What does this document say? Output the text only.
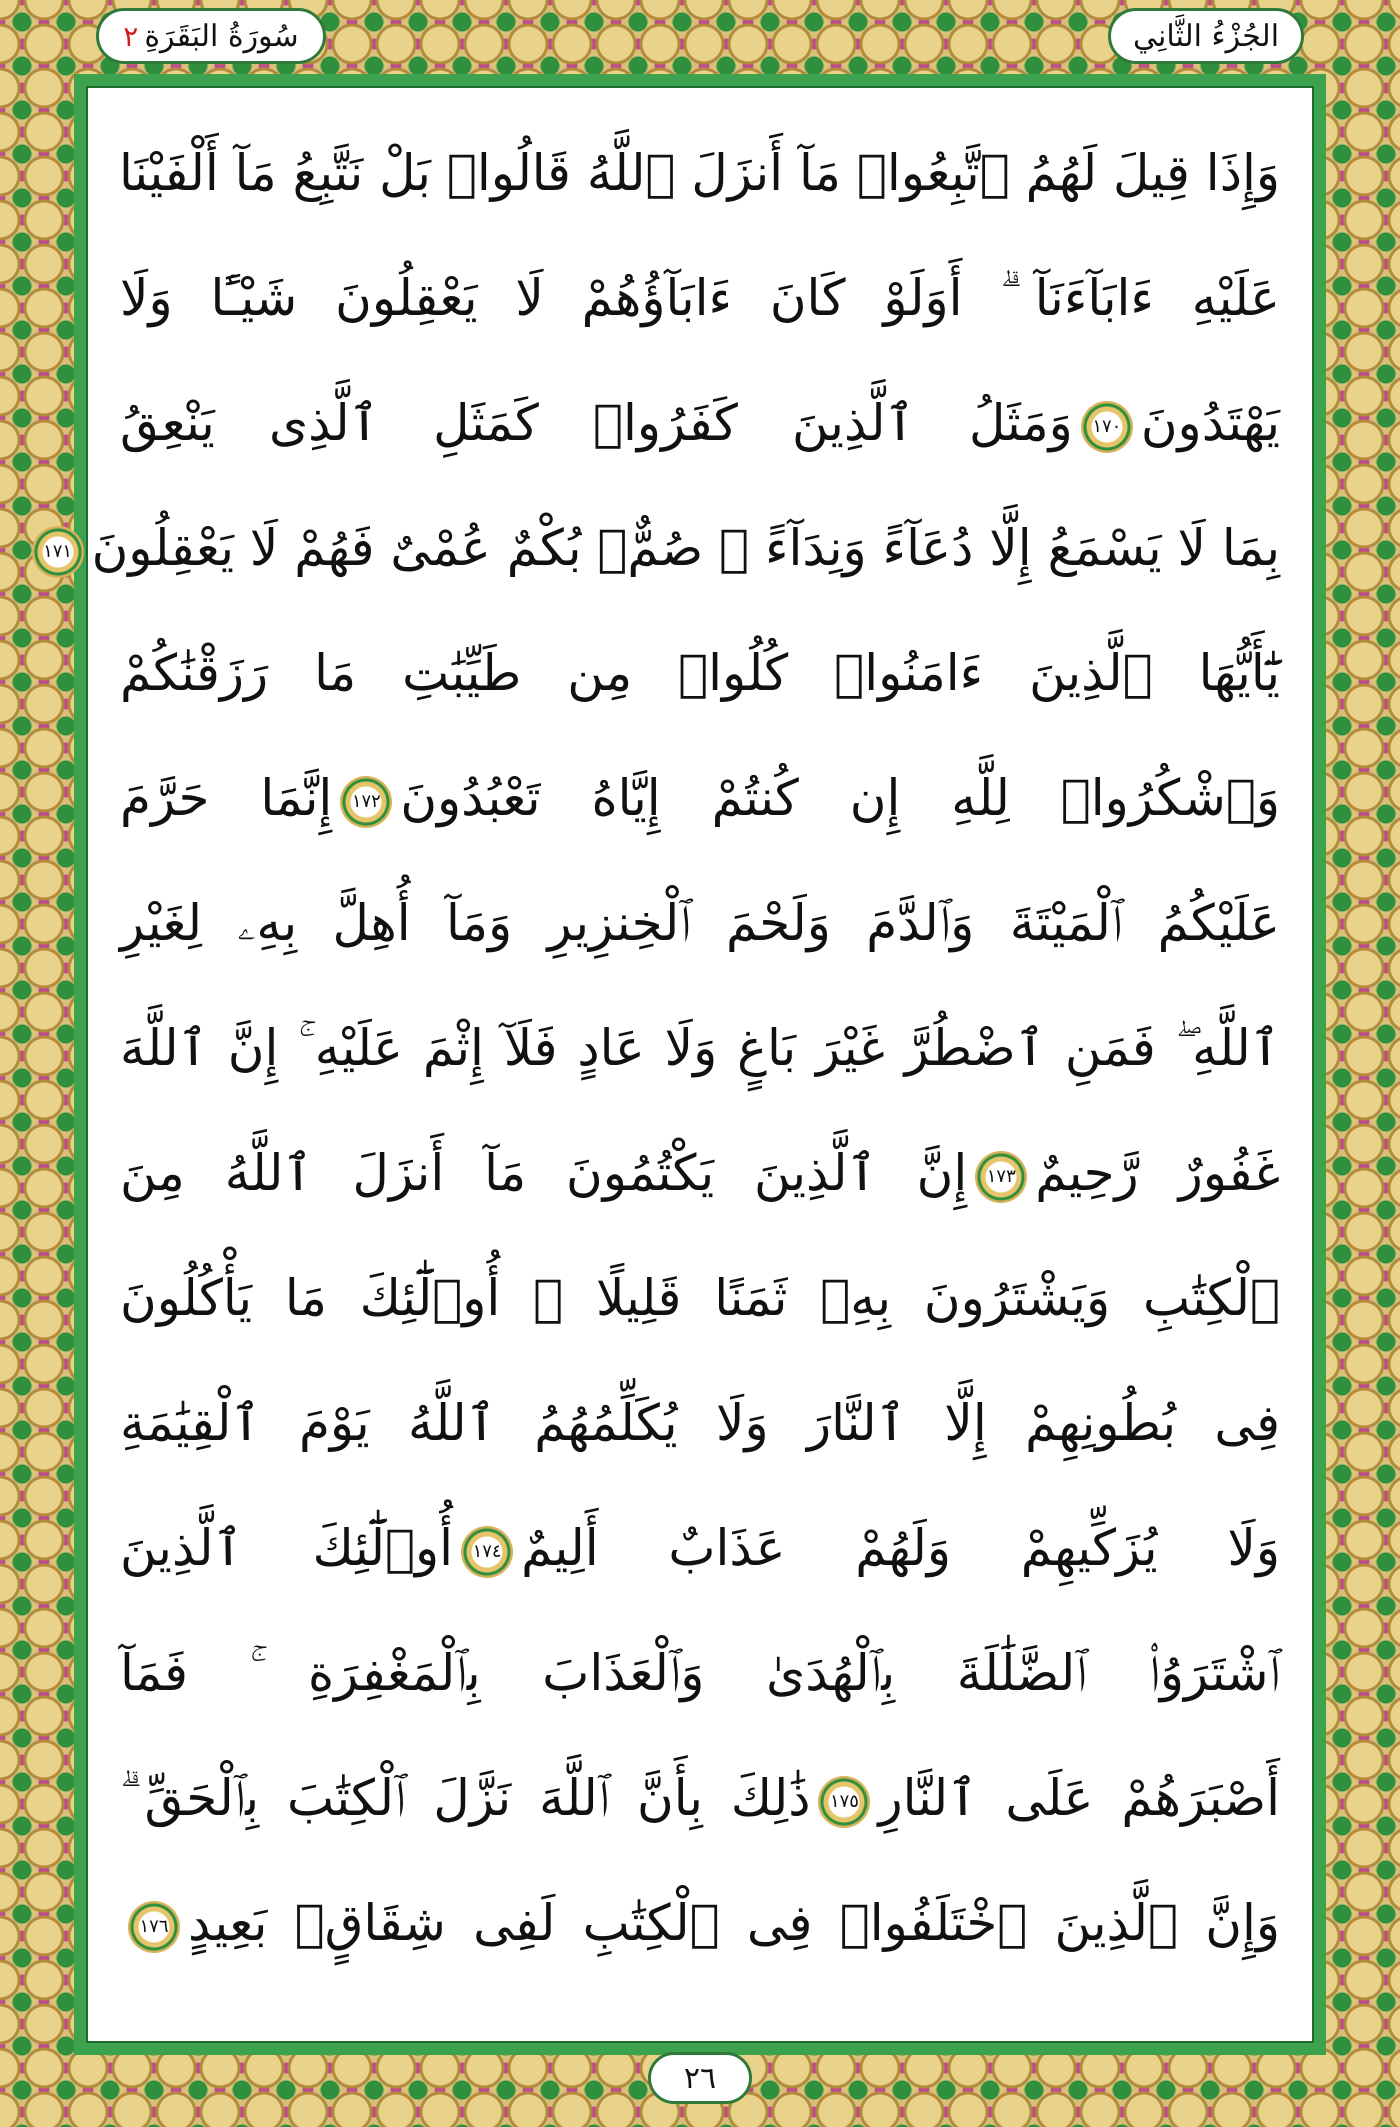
سُورَةُ البَقَرَةِ
٢	الجُزْءُ الثَّانِي
وَإِذَا قِيلَ لَهُمُ ٱتَّبِعُوا۟ مَآ أَنزَلَ ٱللَّهُ قَالُوا۟ بَلْ نَتَّبِعُ مَآ أَلْفَيْنَا
عَلَيْهِ ءَابَآءَنَآ ۗ أَوَلَوْ كَانَ ءَابَآؤُهُمْ لَا يَعْقِلُونَ شَيْـًٔا وَلَا
يَهْتَدُونَ١٧٠وَمَثَلُ ٱلَّذِينَ كَفَرُوا۟ كَمَثَلِ ٱلَّذِى يَنْعِقُ
بِمَا لَا يَسْمَعُ إِلَّا دُعَآءً وَنِدَآءً ۚ صُمٌّۢ بُكْمٌ عُمْىٌ فَهُمْ لَا يَعْقِلُونَ١٧١
يَٰٓأَيُّهَا ٱلَّذِينَ ءَامَنُوا۟ كُلُوا۟ مِن طَيِّبَٰتِ مَا رَزَقْنَٰكُمْ
وَٱشْكُرُوا۟ لِلَّهِ إِن كُنتُمْ إِيَّاهُ تَعْبُدُونَ١٧٢إِنَّمَا حَرَّمَ
عَلَيْكُمُ ٱلْمَيْتَةَ وَٱلدَّمَ وَلَحْمَ ٱلْخِنزِيرِ وَمَآ أُهِلَّ بِهِۦ لِغَيْرِ
ٱللَّهِ ۖ فَمَنِ ٱضْطُرَّ غَيْرَ بَاغٍ وَلَا عَادٍ فَلَآ إِثْمَ عَلَيْهِ ۚ إِنَّ ٱللَّهَ
غَفُورٌ رَّحِيمٌ١٧٣إِنَّ ٱلَّذِينَ يَكْتُمُونَ مَآ أَنزَلَ ٱللَّهُ مِنَ
ٱلْكِتَٰبِ وَيَشْتَرُونَ بِهِۦ ثَمَنًا قَلِيلًا ۙ أُو۟لَٰٓئِكَ مَا يَأْكُلُونَ
فِى بُطُونِهِمْ إِلَّا ٱلنَّارَ وَلَا يُكَلِّمُهُمُ ٱللَّهُ يَوْمَ ٱلْقِيَٰمَةِ
وَلَا يُزَكِّيهِمْ وَلَهُمْ عَذَابٌ أَلِيمٌ١٧٤أُو۟لَٰٓئِكَ ٱلَّذِينَ
ٱشْتَرَوُا۟ ٱلضَّلَٰلَةَ بِٱلْهُدَىٰ وَٱلْعَذَابَ بِٱلْمَغْفِرَةِ ۚ فَمَآ
أَصْبَرَهُمْ عَلَى ٱلنَّارِ١٧٥ذَٰلِكَ بِأَنَّ ٱللَّهَ نَزَّلَ ٱلْكِتَٰبَ بِٱلْحَقِّ ۗ
وَإِنَّ ٱلَّذِينَ ٱخْتَلَفُوا۟ فِى ٱلْكِتَٰبِ لَفِى شِقَاقٍۭ بَعِيدٍ١٧٦
٢٦
